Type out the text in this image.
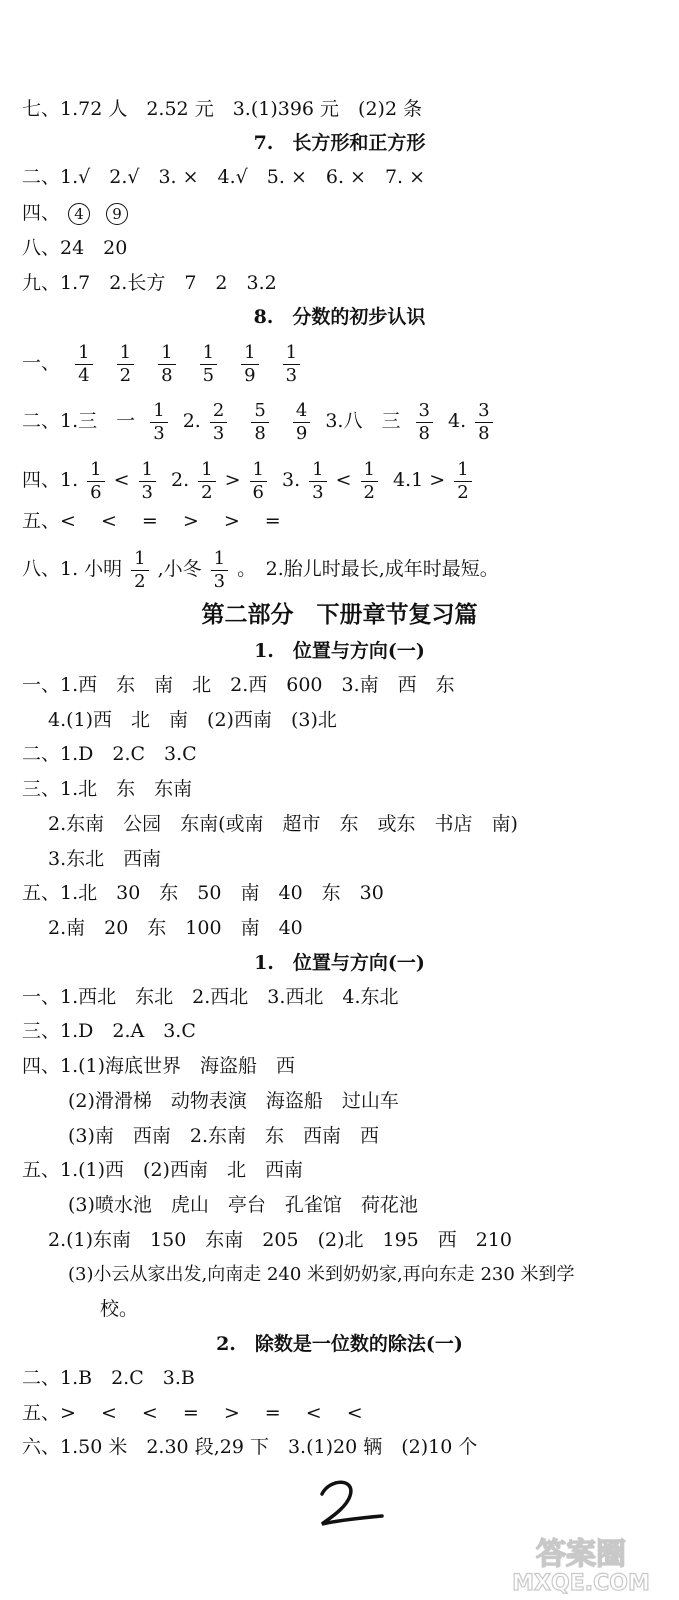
七、1.72 人　2.52 元　3.(1)396 元　(2)2 条
7.　长方形和正方形
二、1.√　2.√　3. ×　4.√　5. ×　6. ×　7. ×
四、 4 9
八、24　20
九、1.7　2.长方　7　2　3.2
8.　分数的初步认识
一、 $\frac{1}{4}$
$\frac{1}{2}$
$\frac{1}{8}$
$\frac{1}{5}$
$\frac{1}{9}$
$\frac{1}{3}$
二、1.三　一 $\frac{1}{3} 2$. $\frac{2}{3}$
$\frac{5}{8}$
$\frac{4}{9} 3$.八　三 $\frac{3}{8} 4$. $\frac{3}{8}$
四、1. $\frac{1}{6} < \frac{1}{3} 2$. $\frac{1}{2} > \frac{1}{6} 3$. $\frac{1}{3} < \frac{1}{2} 4.1 > \frac{1}{2}$
五、<　 <　 =　 >　 >　 =
八、1. 小明 $\frac{1}{2}$ ,小冬 $\frac{1}{3}$ 。　2.胎儿时最长,成年时最短。
第二部分　下册章节复习篇
1.　位置与方向(一)
一、1.西　东　南　北　2.西　600　3.南　西　东
4.(1)西　北　南　(2)西南　(3)北
二、1.D　2.C　3.C
三、1.北　东　东南
2.东南　公园　东南(或南　超市　东　或东　书店　南)
3.东北　西南
五、1.北　30　东　50　南　40　东　30
2.南　20　东　100　南　40
1.　位置与方向(一)
一、1.西北　东北　2.西北　3.西北　4.东北
三、1.D　2.A　3.C
四、1.(1)海底世界　海盗船　西
(2)滑滑梯　动物表演　海盗船　过山车
(3)南　西南　2.东南　东　西南　西
五、1.(1)西　(2)西南　北　西南
(3)喷水池　虎山　亭台　孔雀馆　荷花池
2.(1)东南　150　东南　205　(2)北　195　西　210
(3)小云从家出发,向南走 240 米到奶奶家,再向东走 230 米到学
校。
2.　除数是一位数的除法(一)
二、1.B　2.C　3.B
五、>　 <　 <　 =　 >　 =　 <　 <
六、1.50 米　2.30 段,29 下　3.(1)20 辆　(2)10 个
2
答案圈
MXQE.COM
